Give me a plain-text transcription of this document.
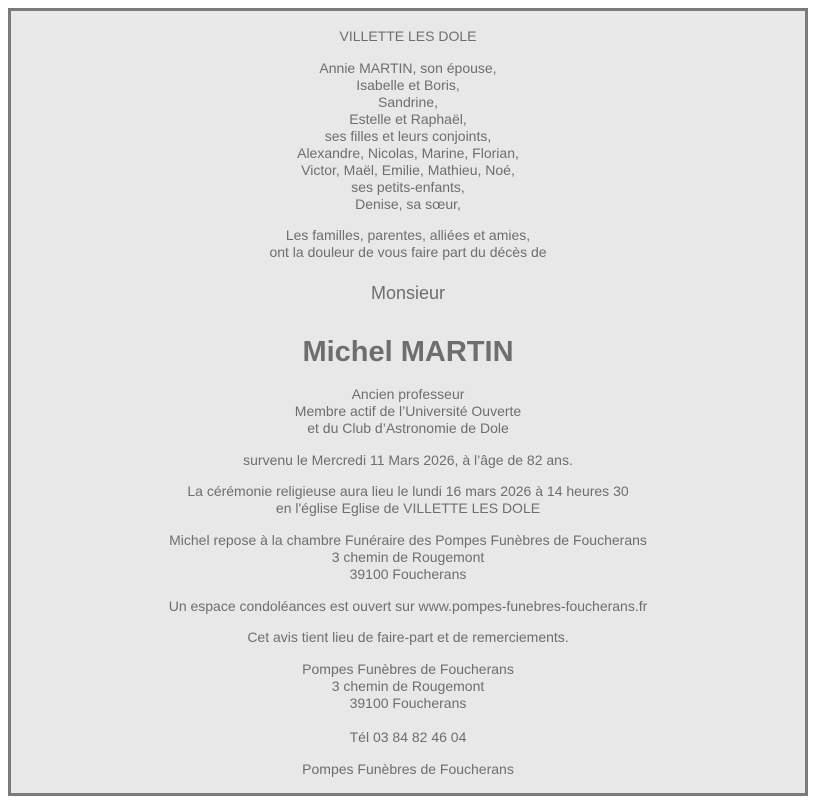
VILLETTE LES DOLE
Annie MARTIN, son épouse,
Isabelle et Boris,
Sandrine,
Estelle et Raphaël,
ses filles et leurs conjoints,
Alexandre, Nicolas, Marine, Florian,
Victor, Maël, Emilie, Mathieu, Noé,
ses petits-enfants,
Denise, sa sœur,
Les familles, parentes, alliées et amies,
ont la douleur de vous faire part du décès de
Monsieur
Michel MARTIN
Ancien professeur
Membre actif de l’Université Ouverte
et du Club d’Astronomie de Dole
survenu le Mercredi 11 Mars 2026, à l’âge de 82 ans.
La cérémonie religieuse aura lieu le lundi 16 mars 2026 à 14 heures 30
en l'église Eglise de VILLETTE LES DOLE
Michel repose à la chambre Funéraire des Pompes Funèbres de Foucherans
3 chemin de Rougemont
39100 Foucherans
Un espace condoléances est ouvert sur www.pompes-funebres-foucherans.fr
Cet avis tient lieu de faire-part et de remerciements.
Pompes Funèbres de Foucherans
3 chemin de Rougemont
39100 Foucherans
Tél 03 84 82 46 04
Pompes Funèbres de Foucherans
